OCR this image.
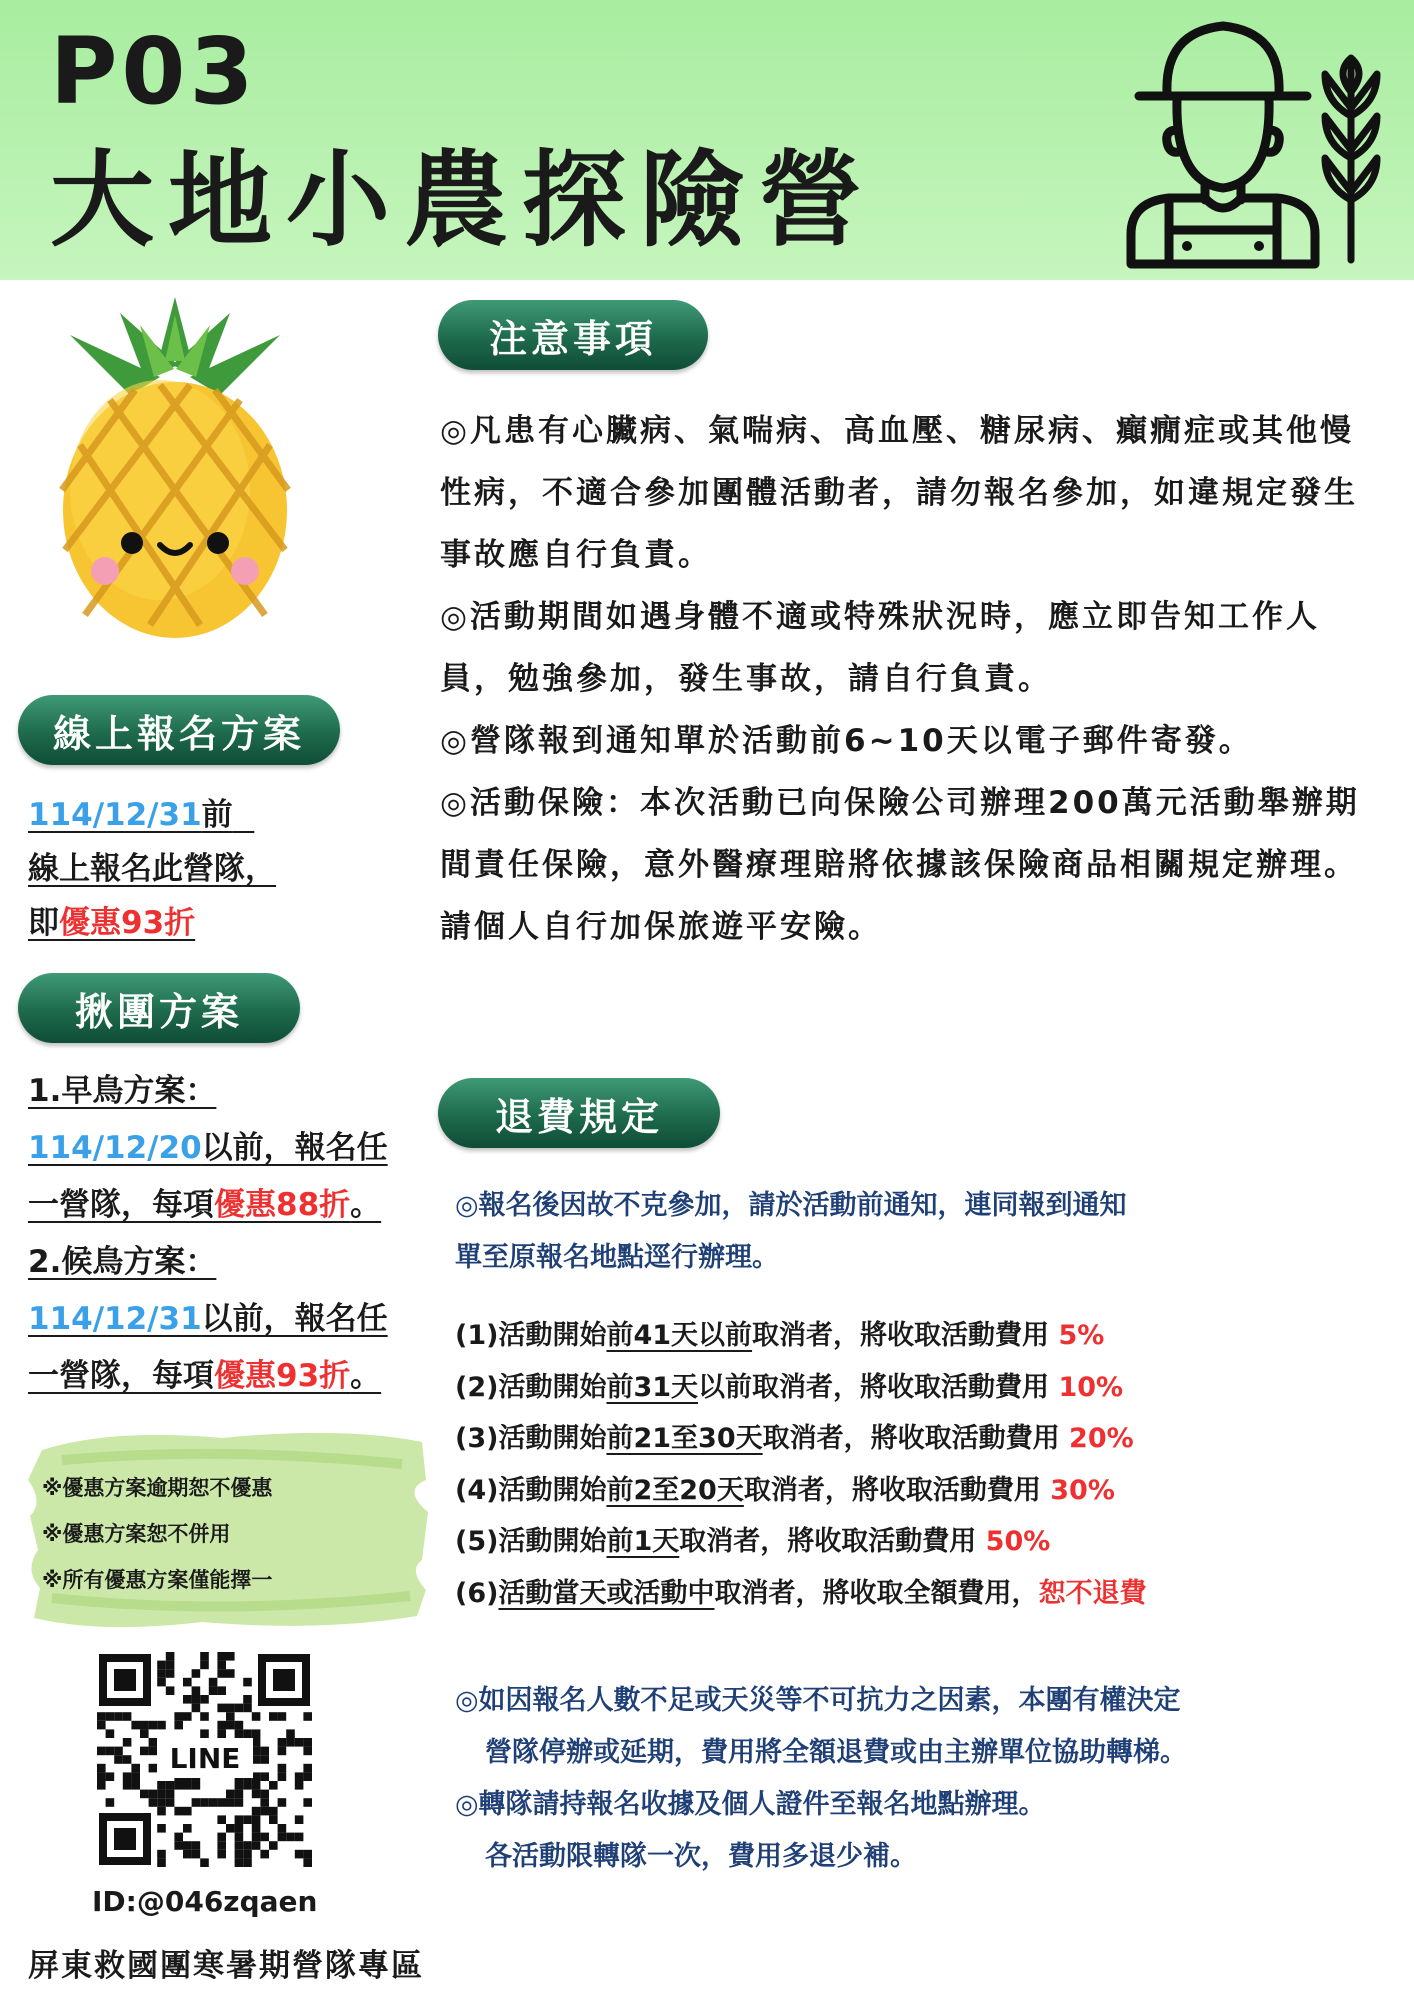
P03
大地小農探險營
線上報名方案
114/12/31前
線上報名此營隊，
即優惠93折
揪團方案
1.早鳥方案：
114/12/20以前，報名任
一營隊，每項優惠88折。
2.候鳥方案：
114/12/31以前，報名任
一營隊，每項優惠93折。

※優惠方案逾期恕不優惠

※優惠方案恕不併用

※所有優惠方案僅能擇一

LINE
ID:@046zqaen
屏東救國團寒暑期營隊專區
注意事項

◎凡患有心臟病、氣喘病、高血壓、糖尿病、癲癇症或其他慢性病，不適合參加團體活動者，請勿報名參加，如違規定發生事故應自行負責。

◎活動期間如遇身體不適或特殊狀況時，應立即告知工作人員，勉強參加，發生事故，請自行負責。

◎營隊報到通知單於活動前6~10天以電子郵件寄發。

◎活動保險：本次活動已向保險公司辦理200萬元活動舉辦期間責任保險，意外醫療理賠將依據該保險商品相關規定辦理。

請個人自行加保旅遊平安險。

退費規定

◎報名後因故不克參加，請於活動前通知，連同報到通知

單至原報名地點逕行辦理。

(1)活動開始前41天以前取消者，將收取活動費用 5%

(2)活動開始前31天以前取消者，將收取活動費用 10%

(3)活動開始前21至30天取消者，將收取活動費用 20%

(4)活動開始前2至20天取消者，將收取活動費用 30%

(5)活動開始前1天取消者，將收取活動費用 50%

(6)活動當天或活動中取消者，將收取全額費用，恕不退費

◎如因報名人數不足或天災等不可抗力之因素，本團有權決定

營隊停辦或延期，費用將全額退費或由主辦單位協助轉梯。

◎轉隊請持報名收據及個人證件至報名地點辦理。

各活動限轉隊一次，費用多退少補。
